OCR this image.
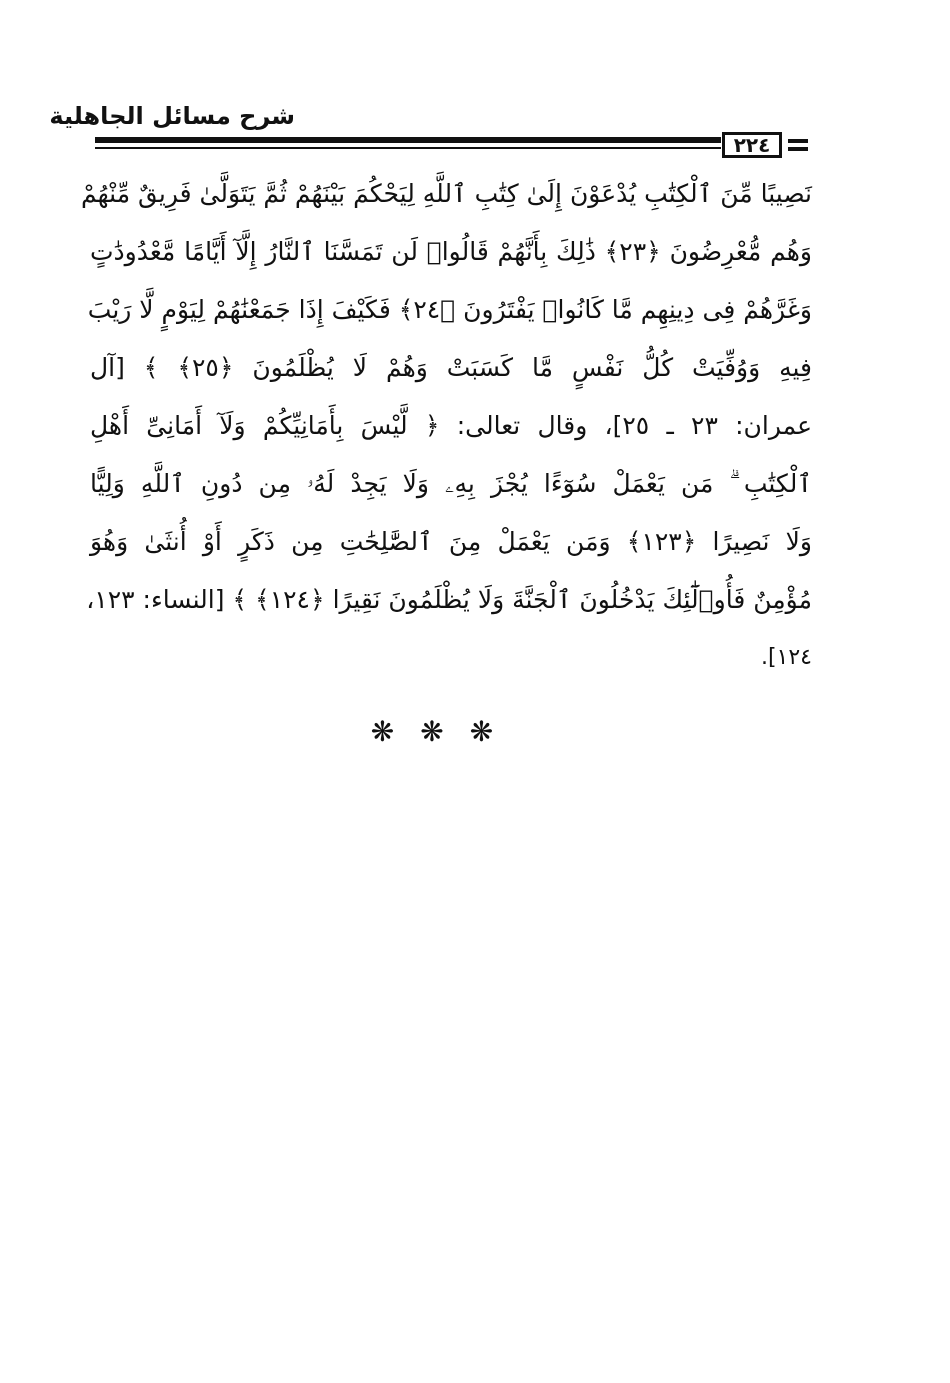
شرح مسائل الجاهلية
٢٢٤
نَصِيبًا مِّنَ ٱلْكِتَٰبِ يُدْعَوْنَ إِلَىٰ كِتَٰبِ ٱللَّهِ لِيَحْكُمَ بَيْنَهُمْ ثُمَّ يَتَوَلَّىٰ فَرِيقٌ مِّنْهُمْ
وَهُم مُّعْرِضُونَ ﴿٢٣﴾ ذَٰلِكَ بِأَنَّهُمْ قَالُوا۟ لَن تَمَسَّنَا ٱلنَّارُ إِلَّآ أَيَّامًا مَّعْدُودَٰتٍ
وَغَرَّهُمْ فِى دِينِهِم مَّا كَانُوا۟ يَفْتَرُونَ ﴿٢٤﴾ فَكَيْفَ إِذَا جَمَعْنَٰهُمْ لِيَوْمٍ لَّا رَيْبَ
فِيهِ وَوُفِّيَتْ كُلُّ نَفْسٍ مَّا كَسَبَتْ وَهُمْ لَا يُظْلَمُونَ ﴿٢٥﴾ ﴾ [آل
عمران: ٢٣ ـ ٢٥]، وقال تعالى: ﴿ لَّيْسَ بِأَمَانِيِّكُمْ وَلَآ أَمَانِىِّ أَهْلِ
ٱلْكِتَٰبِ ۗ مَن يَعْمَلْ سُوٓءًا يُجْزَ بِهِۦ وَلَا يَجِدْ لَهُۥ مِن دُونِ ٱللَّهِ وَلِيًّا
وَلَا نَصِيرًا ﴿١٢٣﴾ وَمَن يَعْمَلْ مِنَ ٱلصَّٰلِحَٰتِ مِن ذَكَرٍ أَوْ أُنثَىٰ وَهُوَ
مُؤْمِنٌ فَأُو۟لَٰٓئِكَ يَدْخُلُونَ ٱلْجَنَّةَ وَلَا يُظْلَمُونَ نَقِيرًا ﴿١٢٤﴾ ﴾ [النساء: ١٢٣،
١٢٤].
❋❋❋
